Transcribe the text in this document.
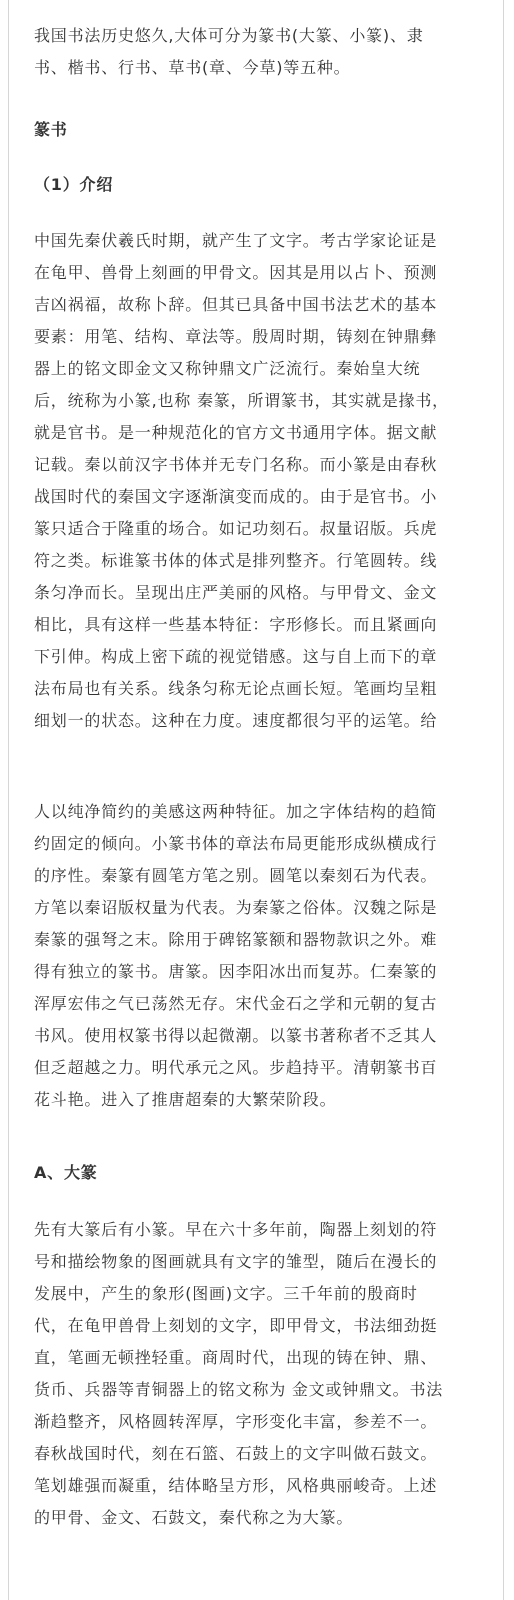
我国书法历史悠久,大体可分为篆书(大篆、小篆)、隶
书、楷书、行书、草书(章、今草)等五种。
篆书
（1）介绍
中国先秦伏羲氏时期，就产生了文字。考古学家论证是
在龟甲、兽骨上刻画的甲骨文。因其是用以占卜、预测
吉凶祸福，故称卜辞。但其已具备中国书法艺术的基本
要素：用笔、结构、章法等。殷周时期，铸刻在钟鼎彝
器上的铭文即金文又称钟鼎文广泛流行。秦始皇大统
后，统称为小篆,也称 秦篆，所谓篆书，其实就是掾书，
就是官书。是一种规范化的官方文书通用字体。据文献
记载。秦以前汉字书体并无专门名称。而小篆是由春秋
战国时代的秦国文字逐渐演变而成的。由于是官书。小
篆只适合于隆重的场合。如记功刻石。叔量诏版。兵虎
符之类。标谁篆书体的体式是排列整齐。行笔圆转。线
条匀净而长。呈现出庄严美丽的风格。与甲骨文、金文
相比，具有这样一些基本特征：字形修长。而且紧画向
下引伸。构成上密下疏的视觉错感。这与自上而下的章
法布局也有关系。线条匀称无论点画长短。笔画均呈粗
细划一的状态。这种在力度。速度都很匀平的运笔。给
人以纯净简约的美感这两种特征。加之字体结构的趋简
约固定的倾向。小篆书体的章法布局更能形成纵横成行
的序性。秦篆有圆笔方笔之别。圆笔以秦刻石为代表。
方笔以秦诏版权量为代表。为秦篆之俗体。汉魏之际是
秦篆的强弩之末。除用于碑铭篆额和器物款识之外。难
得有独立的篆书。唐篆。因李阳冰出而复苏。仁秦篆的
浑厚宏伟之气已荡然无存。宋代金石之学和元朝的复古
书风。使用权篆书得以起微潮。以篆书著称者不乏其人
但乏超越之力。明代承元之风。步趋持平。清朝篆书百
花斗艳。进入了推唐超秦的大繁荣阶段。
A、大篆
先有大篆后有小篆。早在六十多年前，陶器上刻划的符
号和描绘物象的图画就具有文字的雏型，随后在漫长的
发展中，产生的象形(图画)文字。三千年前的殷商时
代，在龟甲兽骨上刻划的文字，即甲骨文，书法细劲挺
直，笔画无顿挫轻重。商周时代，出现的铸在钟、鼎、
货币、兵器等青铜器上的铭文称为 金文或钟鼎文。书法
渐趋整齐，风格圆转浑厚，字形变化丰富，参差不一。
春秋战国时代，刻在石篮、石鼓上的文字叫做石鼓文。
笔划雄强而凝重，结体略呈方形，风格典丽峻奇。上述
的甲骨、金文、石鼓文，秦代称之为大篆。
